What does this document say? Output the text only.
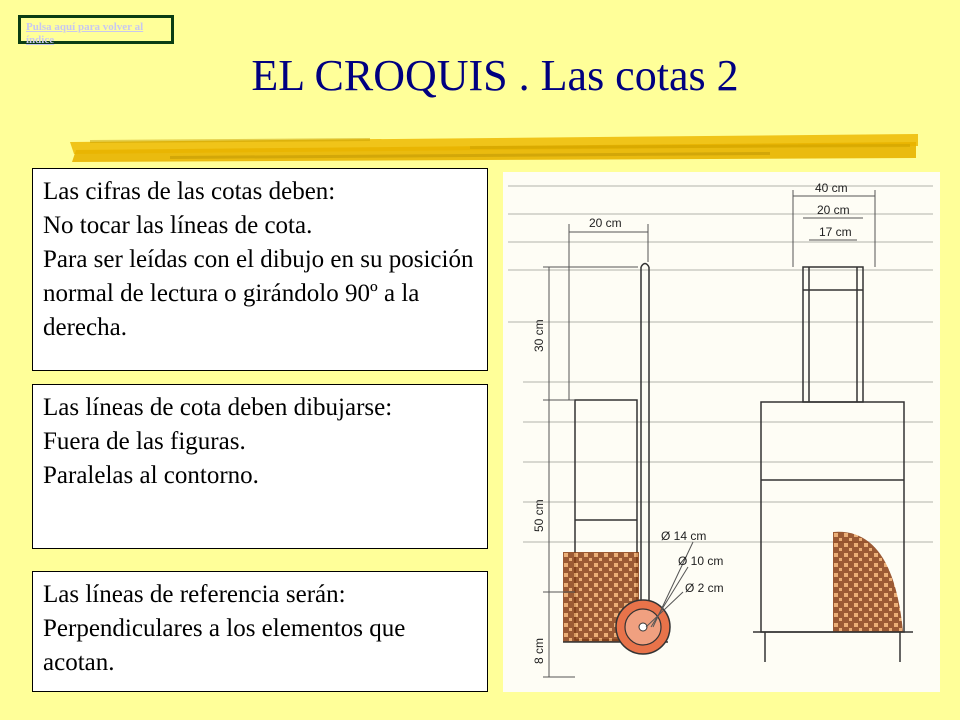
Pulsa aquí para volver al índice
EL CROQUIS . Las cotas 2
Las cifras de las cotas deben:
No tocar las líneas de cota.
Para ser leídas con el dibujo en su posición normal de lectura o girándolo 90º a la derecha.
Las líneas de cota deben dibujarse:
Fuera de las figuras.
Paralelas al contorno.
Las líneas de referencia serán:
Perpendiculares a los elementos que acotan.
20 cm
30 cm
50 cm
8 cm
Ø 14 cm
Ø 10 cm
Ø 2 cm
40 cm
20 cm
17 cm
